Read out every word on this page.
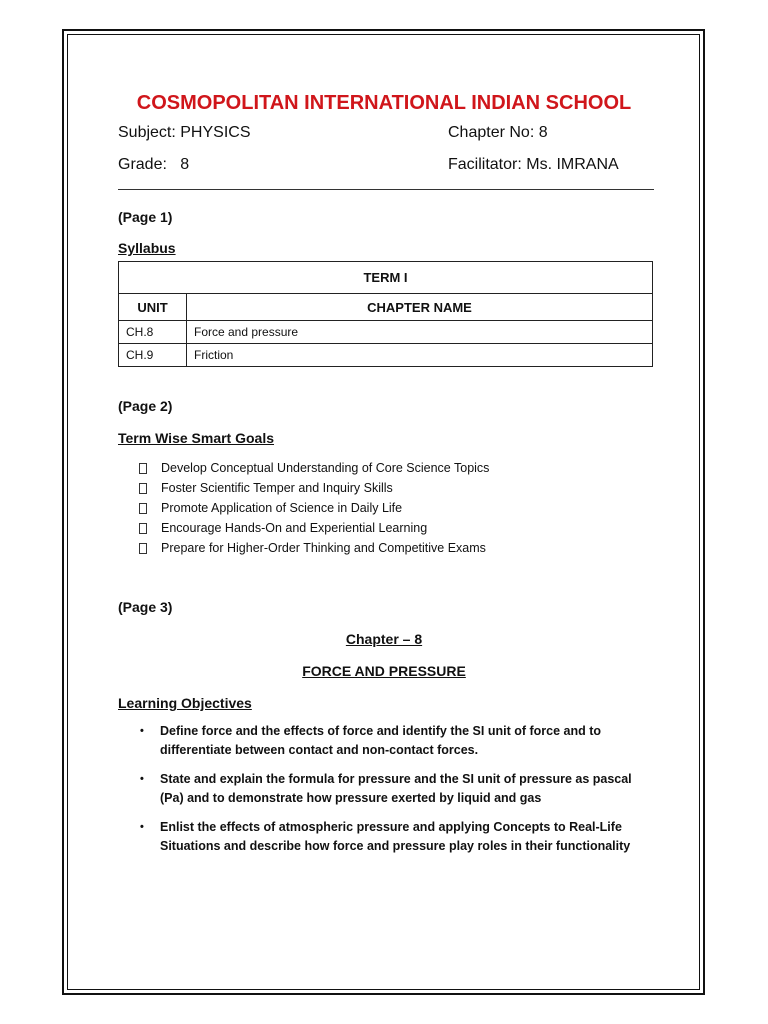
COSMOPOLITAN INTERNATIONAL INDIAN SCHOOL
Subject: PHYSICS	Chapter No: 8
Grade:   8	Facilitator: Ms. IMRANA
(Page 1)
Syllabus
TERM I	
UNIT	CHAPTER NAME
CH.8	Force and pressure
CH.9	Friction
(Page 2)
Term Wise Smart Goals
Develop Conceptual Understanding of Core Science Topics
Foster Scientific Temper and Inquiry Skills
Promote Application of Science in Daily Life
Encourage Hands-On and Experiential Learning
Prepare for Higher-Order Thinking and Competitive Exams
(Page 3)
Chapter – 8
FORCE AND PRESSURE
Learning Objectives
• Define force and the effects of force and identify the SI unit of force and to differentiate between contact and non-contact forces.
• State and explain the formula for pressure and the SI unit of pressure as pascal (Pa) and to demonstrate how pressure exerted by liquid and gas
• Enlist the effects of atmospheric pressure and applying Concepts to Real-Life Situations and describe how force and pressure play roles in their functionality
